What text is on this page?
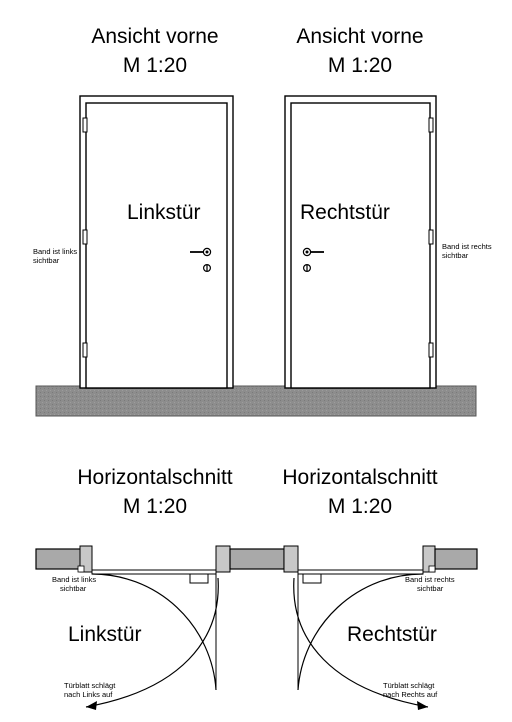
Ansicht vorne
M 1:20
Ansicht vorne
M 1:20
Linkstür
Band ist links
sichtbar
Rechtstür
Band ist rechts
sichtbar
Horizontalschnitt
M 1:20
Horizontalschnitt
M 1:20
Band ist links
sichtbar
Band ist rechts
sichtbar
Linkstür	Rechtstür
Türblatt schlägt
nach Links auf
Türblatt schlägt
nach Rechts auf
